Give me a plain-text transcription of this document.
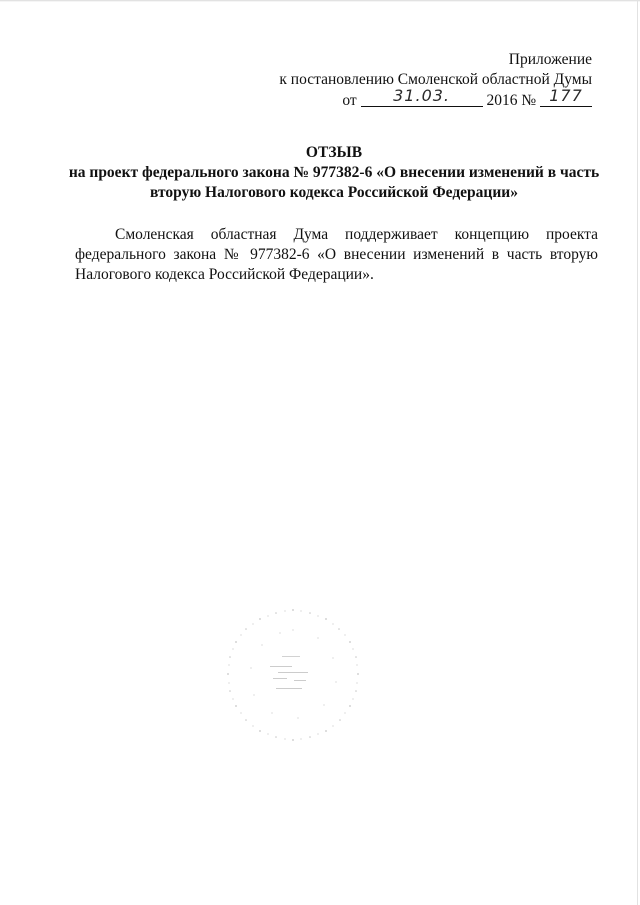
Приложение
к постановлению Смоленской областной Думы
от 31.03. 2016 № 177
ОТЗЫВ
на проект федерального закона № 977382-6 «О внесении изменений в часть
вторую Налогового кодекса Российской Федерации»

Смоленская областная Дума поддерживает концепцию проекта федерального закона № 977382-6 «О внесении изменений в часть вторую Налогового кодекса Российской Федерации».
